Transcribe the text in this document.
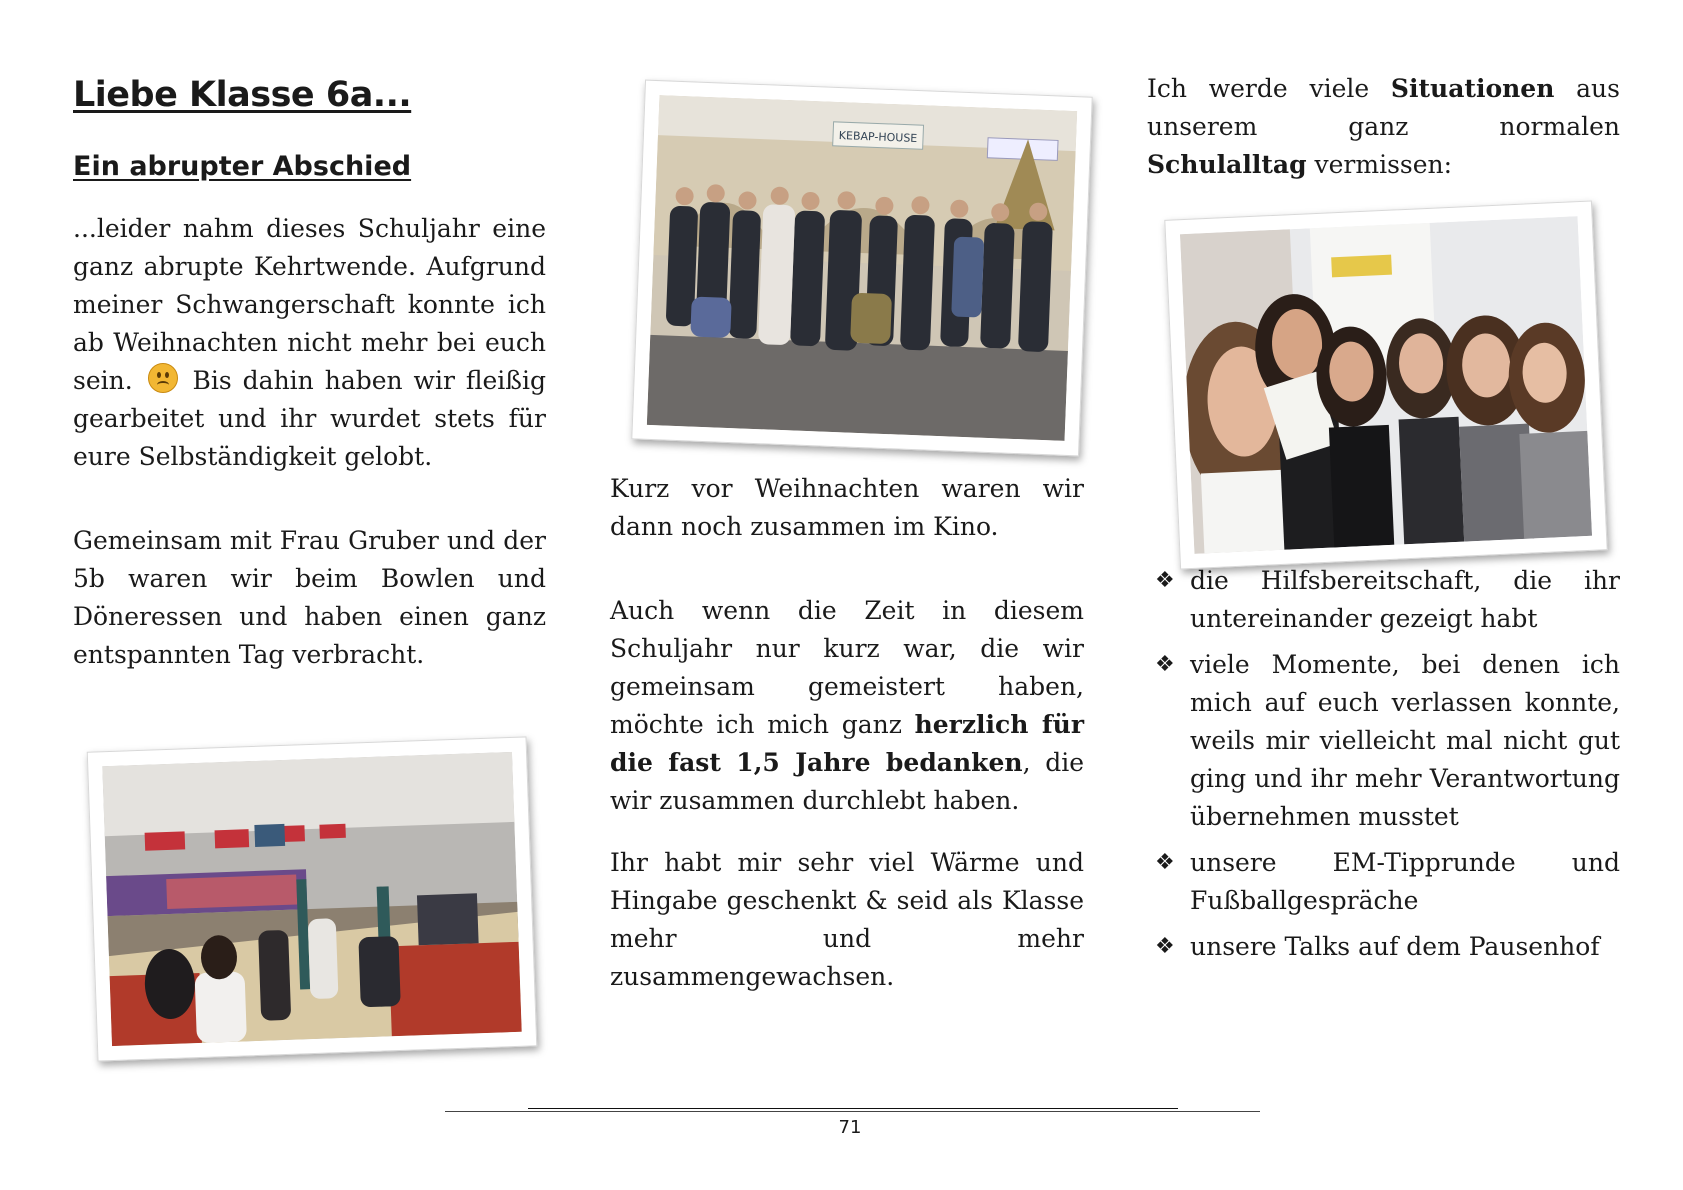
Liebe Klasse 6a...
Ein abrupter Abschied

...leider nahm dieses Schuljahr eine ganz abrupte Kehrtwende. Aufgrund meiner Schwangerschaft konnte ich ab Weihnachten nicht mehr bei euch sein. Bis dahin haben wir fleißig gearbeitet und ihr wurdet stets für eure Selbständigkeit gelobt.

Gemeinsam mit Frau Gruber und der 5b waren wir beim Bowlen und Döneressen und haben einen ganz entspannten Tag verbracht.

Kurz vor Weihnachten waren wir dann noch zusammen im Kino.

Auch wenn die Zeit in diesem Schuljahr nur kurz war, die wir gemeinsam gemeistert haben, möchte ich mich ganz herzlich für die fast 1,5 Jahre bedanken, die wir zusammen durchlebt haben.

Ihr habt mir sehr viel Wärme und Hingabe geschenkt & seid als Klasse mehr und mehr zusammengewachsen.

Ich werde viele Situationen aus unserem ganz normalen Schulalltag vermissen:

❖ die Hilfsbereitschaft, die ihr untereinander gezeigt habt
❖ viele Momente, bei denen ich mich auf euch verlassen konnte, weils mir vielleicht mal nicht gut ging und ihr mehr Verantwortung übernehmen musstet
❖ unsere EM-Tipprunde und Fußballgespräche
❖ unsere Talks auf dem Pausenhof
KEBAP-HOUSE
71
